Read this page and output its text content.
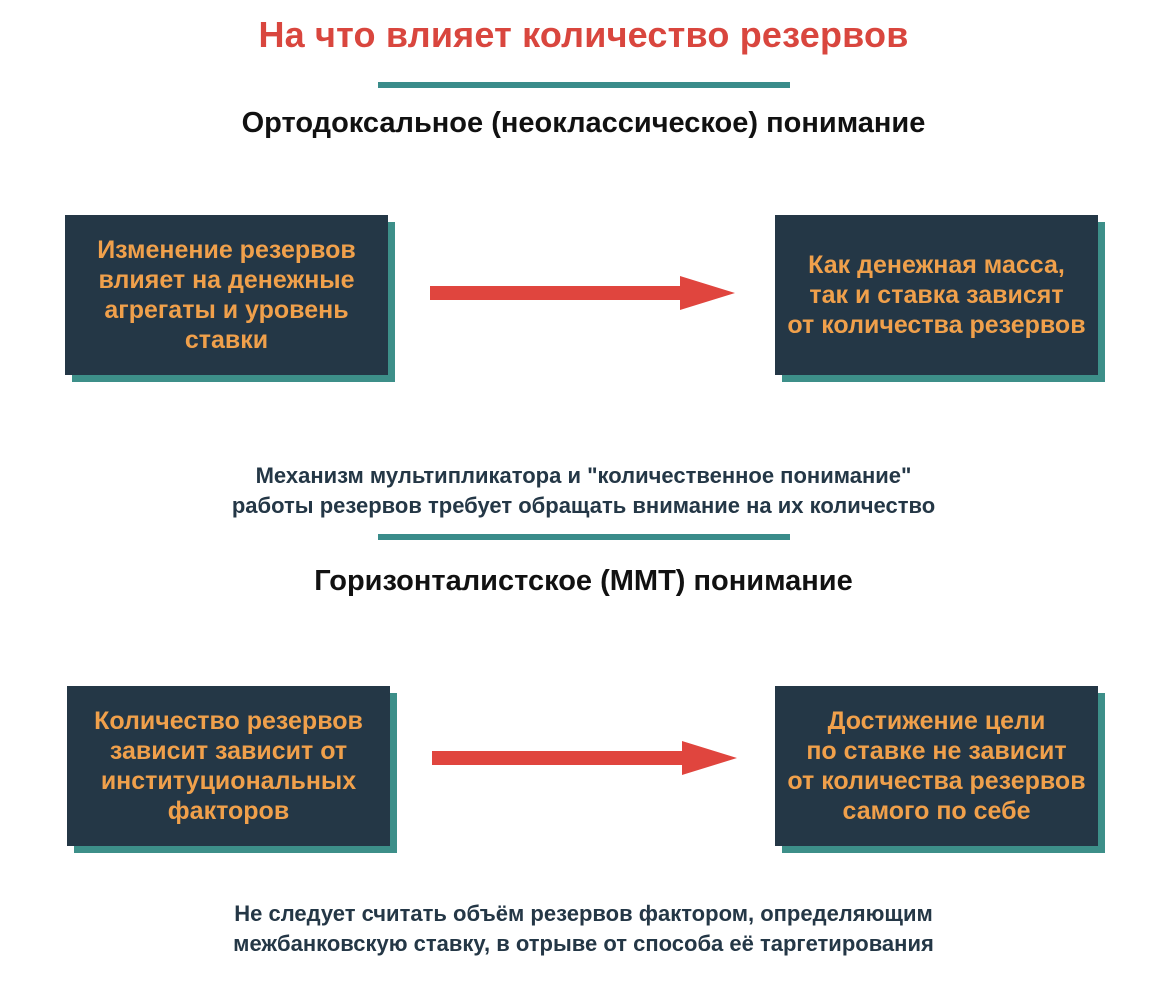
На что влияет количество резервов
Ортодоксальное (неоклассическое) понимание
Изменение резервов
влияет на денежные
агрегаты и уровень
ставки
Как денежная масса,
так и ставка зависят
от количества резервов
Механизм мультипликатора и "количественное понимание"
работы резервов требует обращать внимание на их количество
Горизонталистское (ММТ) понимание
Количество резервов
зависит зависит от
институциональных
факторов
Достижение цели
по ставке не зависит
от количества резервов
самого по себе
Не следует считать объём резервов фактором, определяющим
межбанковскую ставку, в отрыве от способа её таргетирования
